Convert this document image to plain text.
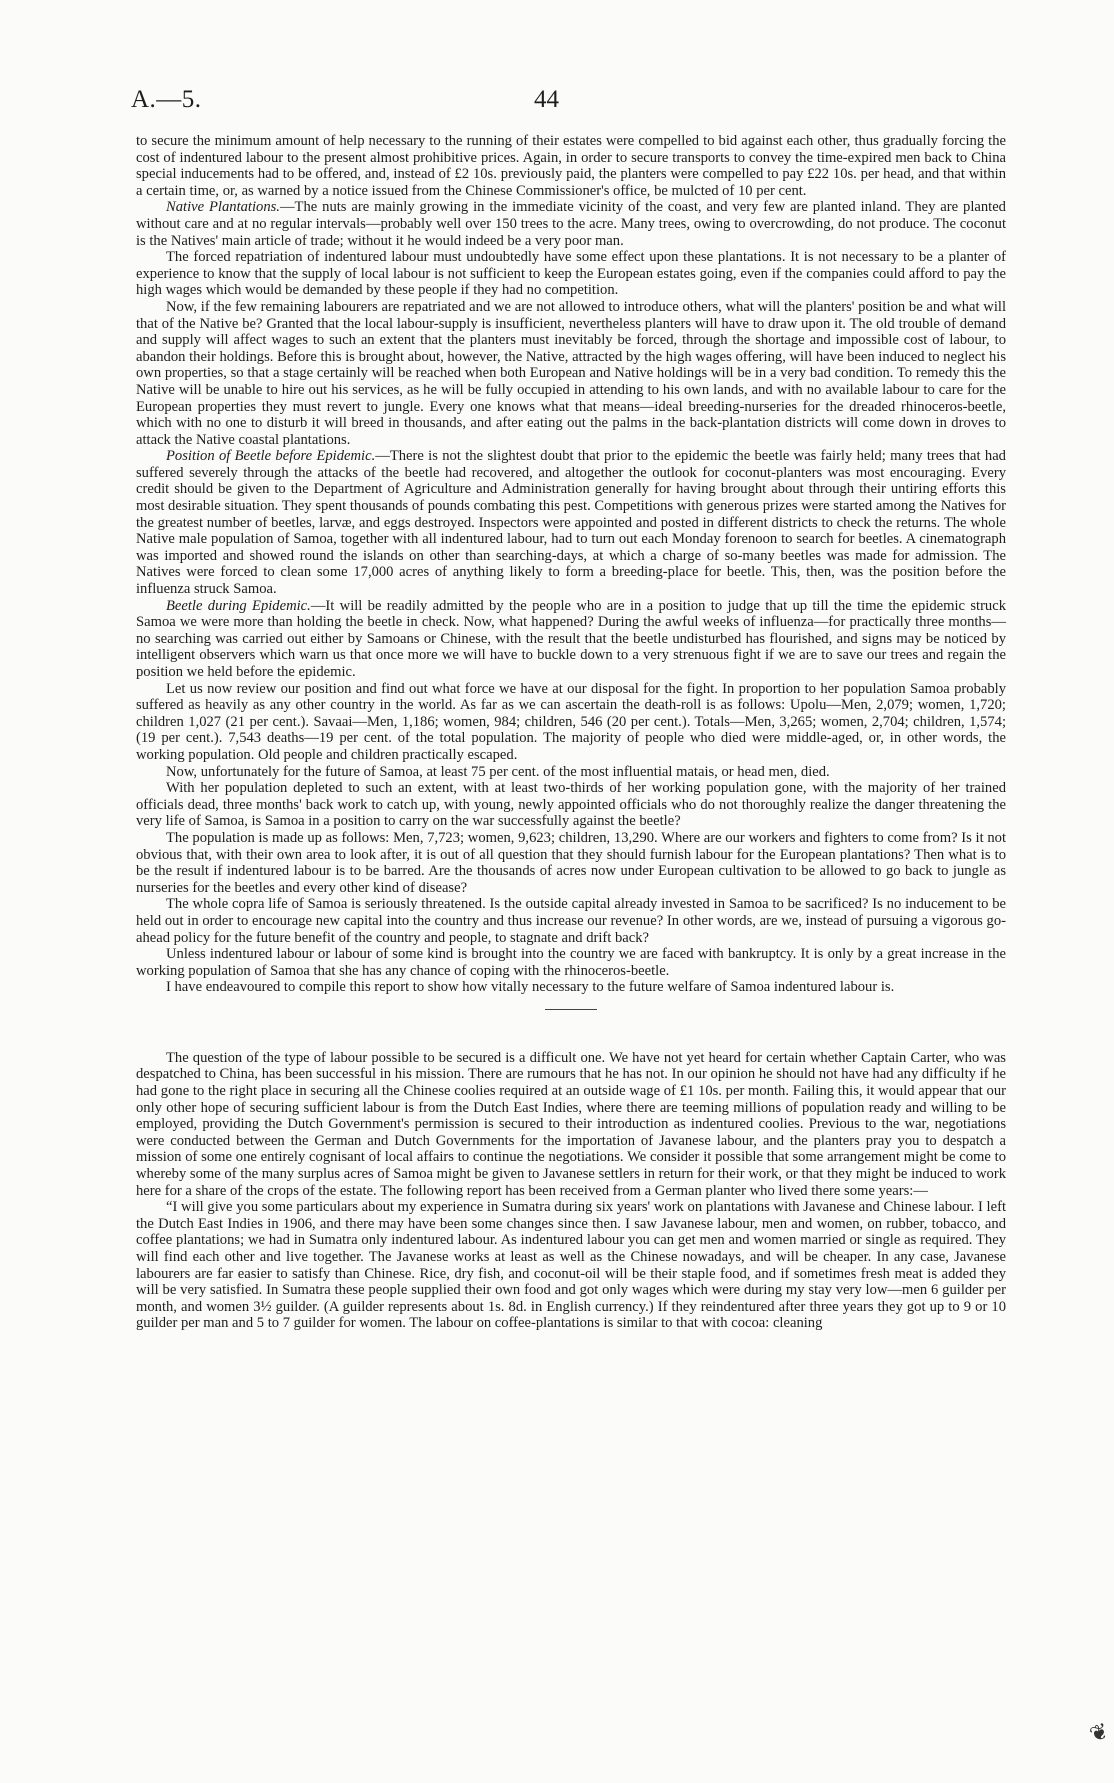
A.—5.	44

to secure the minimum amount of help necessary to the running of their estates were compelled to bid against each other, thus gradually forcing the cost of indentured labour to the present almost prohibitive prices. Again, in order to secure transports to convey the time-expired men back to China special inducements had to be offered, and, instead of £2 10s. previously paid, the planters were compelled to pay £22 10s. per head, and that within a certain time, or, as warned by a notice issued from the Chinese Commissioner's office, be mulcted of 10 per cent.

Native Plantations.—The nuts are mainly growing in the immediate vicinity of the coast, and very few are planted inland. They are planted without care and at no regular intervals—probably well over 150 trees to the acre. Many trees, owing to overcrowding, do not produce. The coconut is the Natives' main article of trade; without it he would indeed be a very poor man.

The forced repatriation of indentured labour must undoubtedly have some effect upon these plantations. It is not necessary to be a planter of experience to know that the supply of local labour is not sufficient to keep the European estates going, even if the companies could afford to pay the high wages which would be demanded by these people if they had no competition.

Now, if the few remaining labourers are repatriated and we are not allowed to introduce others, what will the planters' position be and what will that of the Native be? Granted that the local labour-supply is insufficient, nevertheless planters will have to draw upon it. The old trouble of demand and supply will affect wages to such an extent that the planters must inevitably be forced, through the shortage and impossible cost of labour, to abandon their holdings. Before this is brought about, however, the Native, attracted by the high wages offering, will have been induced to neglect his own properties, so that a stage certainly will be reached when both European and Native holdings will be in a very bad condition. To remedy this the Native will be unable to hire out his services, as he will be fully occupied in attending to his own lands, and with no available labour to care for the European properties they must revert to jungle. Every one knows what that means—ideal breeding-nurseries for the dreaded rhinoceros-beetle, which with no one to disturb it will breed in thousands, and after eating out the palms in the back-plantation districts will come down in droves to attack the Native coastal plantations.

Position of Beetle before Epidemic.—There is not the slightest doubt that prior to the epidemic the beetle was fairly held; many trees that had suffered severely through the attacks of the beetle had recovered, and altogether the outlook for coconut-planters was most encouraging. Every credit should be given to the Department of Agriculture and Administration generally for having brought about through their untiring efforts this most desirable situation. They spent thousands of pounds combating this pest. Competitions with generous prizes were started among the Natives for the greatest number of beetles, larvæ, and eggs destroyed. Inspectors were appointed and posted in different districts to check the returns. The whole Native male population of Samoa, together with all indentured labour, had to turn out each Monday forenoon to search for beetles. A cinematograph was imported and showed round the islands on other than searching-days, at which a charge of so-many beetles was made for admission. The Natives were forced to clean some 17,000 acres of anything likely to form a breeding-place for beetle. This, then, was the position before the influenza struck Samoa.

Beetle during Epidemic.—It will be readily admitted by the people who are in a position to judge that up till the time the epidemic struck Samoa we were more than holding the beetle in check. Now, what happened? During the awful weeks of influenza—for practically three months—no searching was carried out either by Samoans or Chinese, with the result that the beetle undisturbed has flourished, and signs may be noticed by intelligent observers which warn us that once more we will have to buckle down to a very strenuous fight if we are to save our trees and regain the position we held before the epidemic.

Let us now review our position and find out what force we have at our disposal for the fight. In proportion to her population Samoa probably suffered as heavily as any other country in the world. As far as we can ascertain the death-roll is as follows: Upolu—Men, 2,079; women, 1,720; children 1,027 (21 per cent.). Savaai—Men, 1,186; women, 984; children, 546 (20 per cent.). Totals—Men, 3,265; women, 2,704; children, 1,574; (19 per cent.). 7,543 deaths—19 per cent. of the total population. The majority of people who died were middle-aged, or, in other words, the working population. Old people and children practically escaped.

Now, unfortunately for the future of Samoa, at least 75 per cent. of the most influential matais, or head men, died.

With her population depleted to such an extent, with at least two-thirds of her working population gone, with the majority of her trained officials dead, three months' back work to catch up, with young, newly appointed officials who do not thoroughly realize the danger threatening the very life of Samoa, is Samoa in a position to carry on the war successfully against the beetle?

The population is made up as follows: Men, 7,723; women, 9,623; children, 13,290. Where are our workers and fighters to come from? Is it not obvious that, with their own area to look after, it is out of all question that they should furnish labour for the European plantations? Then what is to be the result if indentured labour is to be barred. Are the thousands of acres now under European cultivation to be allowed to go back to jungle as nurseries for the beetles and every other kind of disease?

The whole copra life of Samoa is seriously threatened. Is the outside capital already invested in Samoa to be sacrificed? Is no inducement to be held out in order to encourage new capital into the country and thus increase our revenue? In other words, are we, instead of pursuing a vigorous go-ahead policy for the future benefit of the country and people, to stagnate and drift back?

Unless indentured labour or labour of some kind is brought into the country we are faced with bankruptcy. It is only by a great increase in the working population of Samoa that she has any chance of coping with the rhinoceros-beetle.

I have endeavoured to compile this report to show how vitally necessary to the future welfare of Samoa indentured labour is.

The question of the type of labour possible to be secured is a difficult one. We have not yet heard for certain whether Captain Carter, who was despatched to China, has been successful in his mission. There are rumours that he has not. In our opinion he should not have had any difficulty if he had gone to the right place in securing all the Chinese coolies required at an outside wage of £1 10s. per month. Failing this, it would appear that our only other hope of securing sufficient labour is from the Dutch East Indies, where there are teeming millions of population ready and willing to be employed, providing the Dutch Government's permission is secured to their introduction as indentured coolies. Previous to the war, negotiations were conducted between the German and Dutch Governments for the importation of Javanese labour, and the planters pray you to despatch a mission of some one entirely cognisant of local affairs to continue the negotiations. We consider it possible that some arrangement might be come to whereby some of the many surplus acres of Samoa might be given to Javanese settlers in return for their work, or that they might be induced to work here for a share of the crops of the estate. The following report has been received from a German planter who lived there some years:—

“I will give you some particulars about my experience in Sumatra during six years' work on plantations with Javanese and Chinese labour. I left the Dutch East Indies in 1906, and there may have been some changes since then. I saw Javanese labour, men and women, on rubber, tobacco, and coffee plantations; we had in Sumatra only indentured labour. As indentured labour you can get men and women married or single as required. They will find each other and live together. The Javanese works at least as well as the Chinese nowadays, and will be cheaper. In any case, Javanese labourers are far easier to satisfy than Chinese. Rice, dry fish, and coconut-oil will be their staple food, and if sometimes fresh meat is added they will be very satisfied. In Sumatra these people supplied their own food and got only wages which were during my stay very low—men 6 guilder per month, and women 3½ guilder. (A guilder represents about 1s. 8d. in English currency.) If they reindentured after three years they got up to 9 or 10 guilder per man and 5 to 7 guilder for women. The labour on coffee-plantations is similar to that with cocoa: cleaning

❦
